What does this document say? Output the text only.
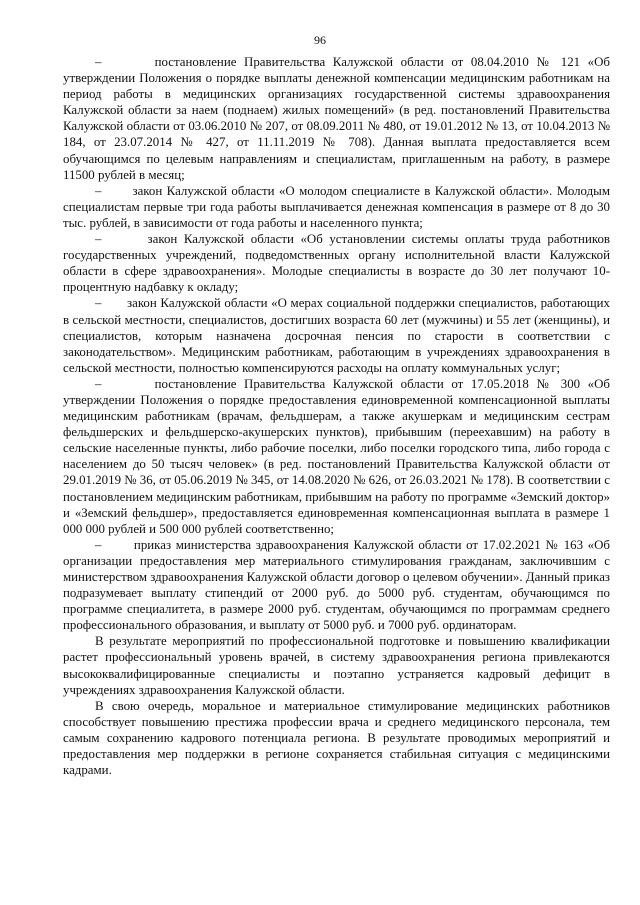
96

–       постановление Правительства Калужской области от 08.04.2010 № 121 «Об утверждении Положения о порядке выплаты денежной компенсации медицинским работникам на период работы в медицинских организациях государственной системы здравоохранения Калужской области за наем (поднаем) жилых помещений» (в ред. постановлений Правительства Калужской области от 03.06.2010 № 207, от 08.09.2011 № 480, от 19.01.2012 № 13, от 10.04.2013 № 184, от 23.07.2014 № 427, от 11.11.2019 № 708). Данная выплата предоставляется всем обучающимся по целевым направлениям и специалистам, приглашенным на работу, в размере 11500 рублей в месяц;

–       закон Калужской области «О молодом специалисте в Калужской области». Молодым специалистам первые три года работы выплачивается денежная компенсация в размере от 8 до 30 тыс. рублей, в зависимости от года работы и населенного пункта;

–       закон Калужской области «Об установлении системы оплаты труда работников государственных учреждений, подведомственных органу исполнительной власти Калужской области в сфере здравоохранения». Молодые специалисты в возрасте до 30 лет получают 10-процентную надбавку к окладу;

–       закон Калужской области «О мерах социальной поддержки специалистов, работающих в сельской местности, специалистов, достигших возраста 60 лет (мужчины) и 55 лет (женщины), и специалистов, которым назначена досрочная пенсия по старости в соответствии с законодательством». Медицинским работникам, работающим в учреждениях здравоохранения в сельской местности, полностью компенсируются расходы на оплату коммунальных услуг;

–       постановление Правительства Калужской области от 17.05.2018 № 300 «Об утверждении Положения о порядке предоставления единовременной компенсационной выплаты медицинским работникам (врачам, фельдшерам, а также акушеркам и медицинским сестрам фельдшерских и фельдшерско-акушерских пунктов), прибывшим (переехавшим) на работу в сельские населенные пункты, либо рабочие поселки, либо поселки городского типа, либо города с населением до 50 тысяч человек» (в ред. постановлений Правительства Калужской области от 29.01.2019 № 36, от 05.06.2019 № 345, от 14.08.2020 № 626, от 26.03.2021 № 178). В соответствии с постановлением медицинским работникам, прибывшим на работу по программе «Земский доктор» и «Земский фельдшер», предоставляется единовременная компенсационная выплата в размере 1 000 000 рублей и 500 000 рублей соответственно;

–       приказ министерства здравоохранения Калужской области от 17.02.2021 № 163 «Об организации предоставления мер материального стимулирования гражданам, заключившим с министерством здравоохранения Калужской области договор о целевом обучении». Данный приказ подразумевает выплату стипендий от 2000 руб. до 5000 руб. студентам, обучающимся по программе специалитета, в размере 2000 руб. студентам, обучающимся по программам среднего профессионального образования, и выплату от 5000 руб. и 7000 руб. ординаторам.

В результате мероприятий по профессиональной подготовке и повышению квалификации растет профессиональный уровень врачей, в систему здравоохранения региона привлекаются высококвалифицированные специалисты и поэтапно устраняется кадровый дефицит в учреждениях здравоохранения Калужской области.

В свою очередь, моральное и материальное стимулирование медицинских работников способствует повышению престижа профессии врача и среднего медицинского персонала, тем самым сохранению кадрового потенциала региона. В результате проводимых мероприятий и предоставления мер поддержки в регионе сохраняется стабильная ситуация с медицинскими кадрами.
